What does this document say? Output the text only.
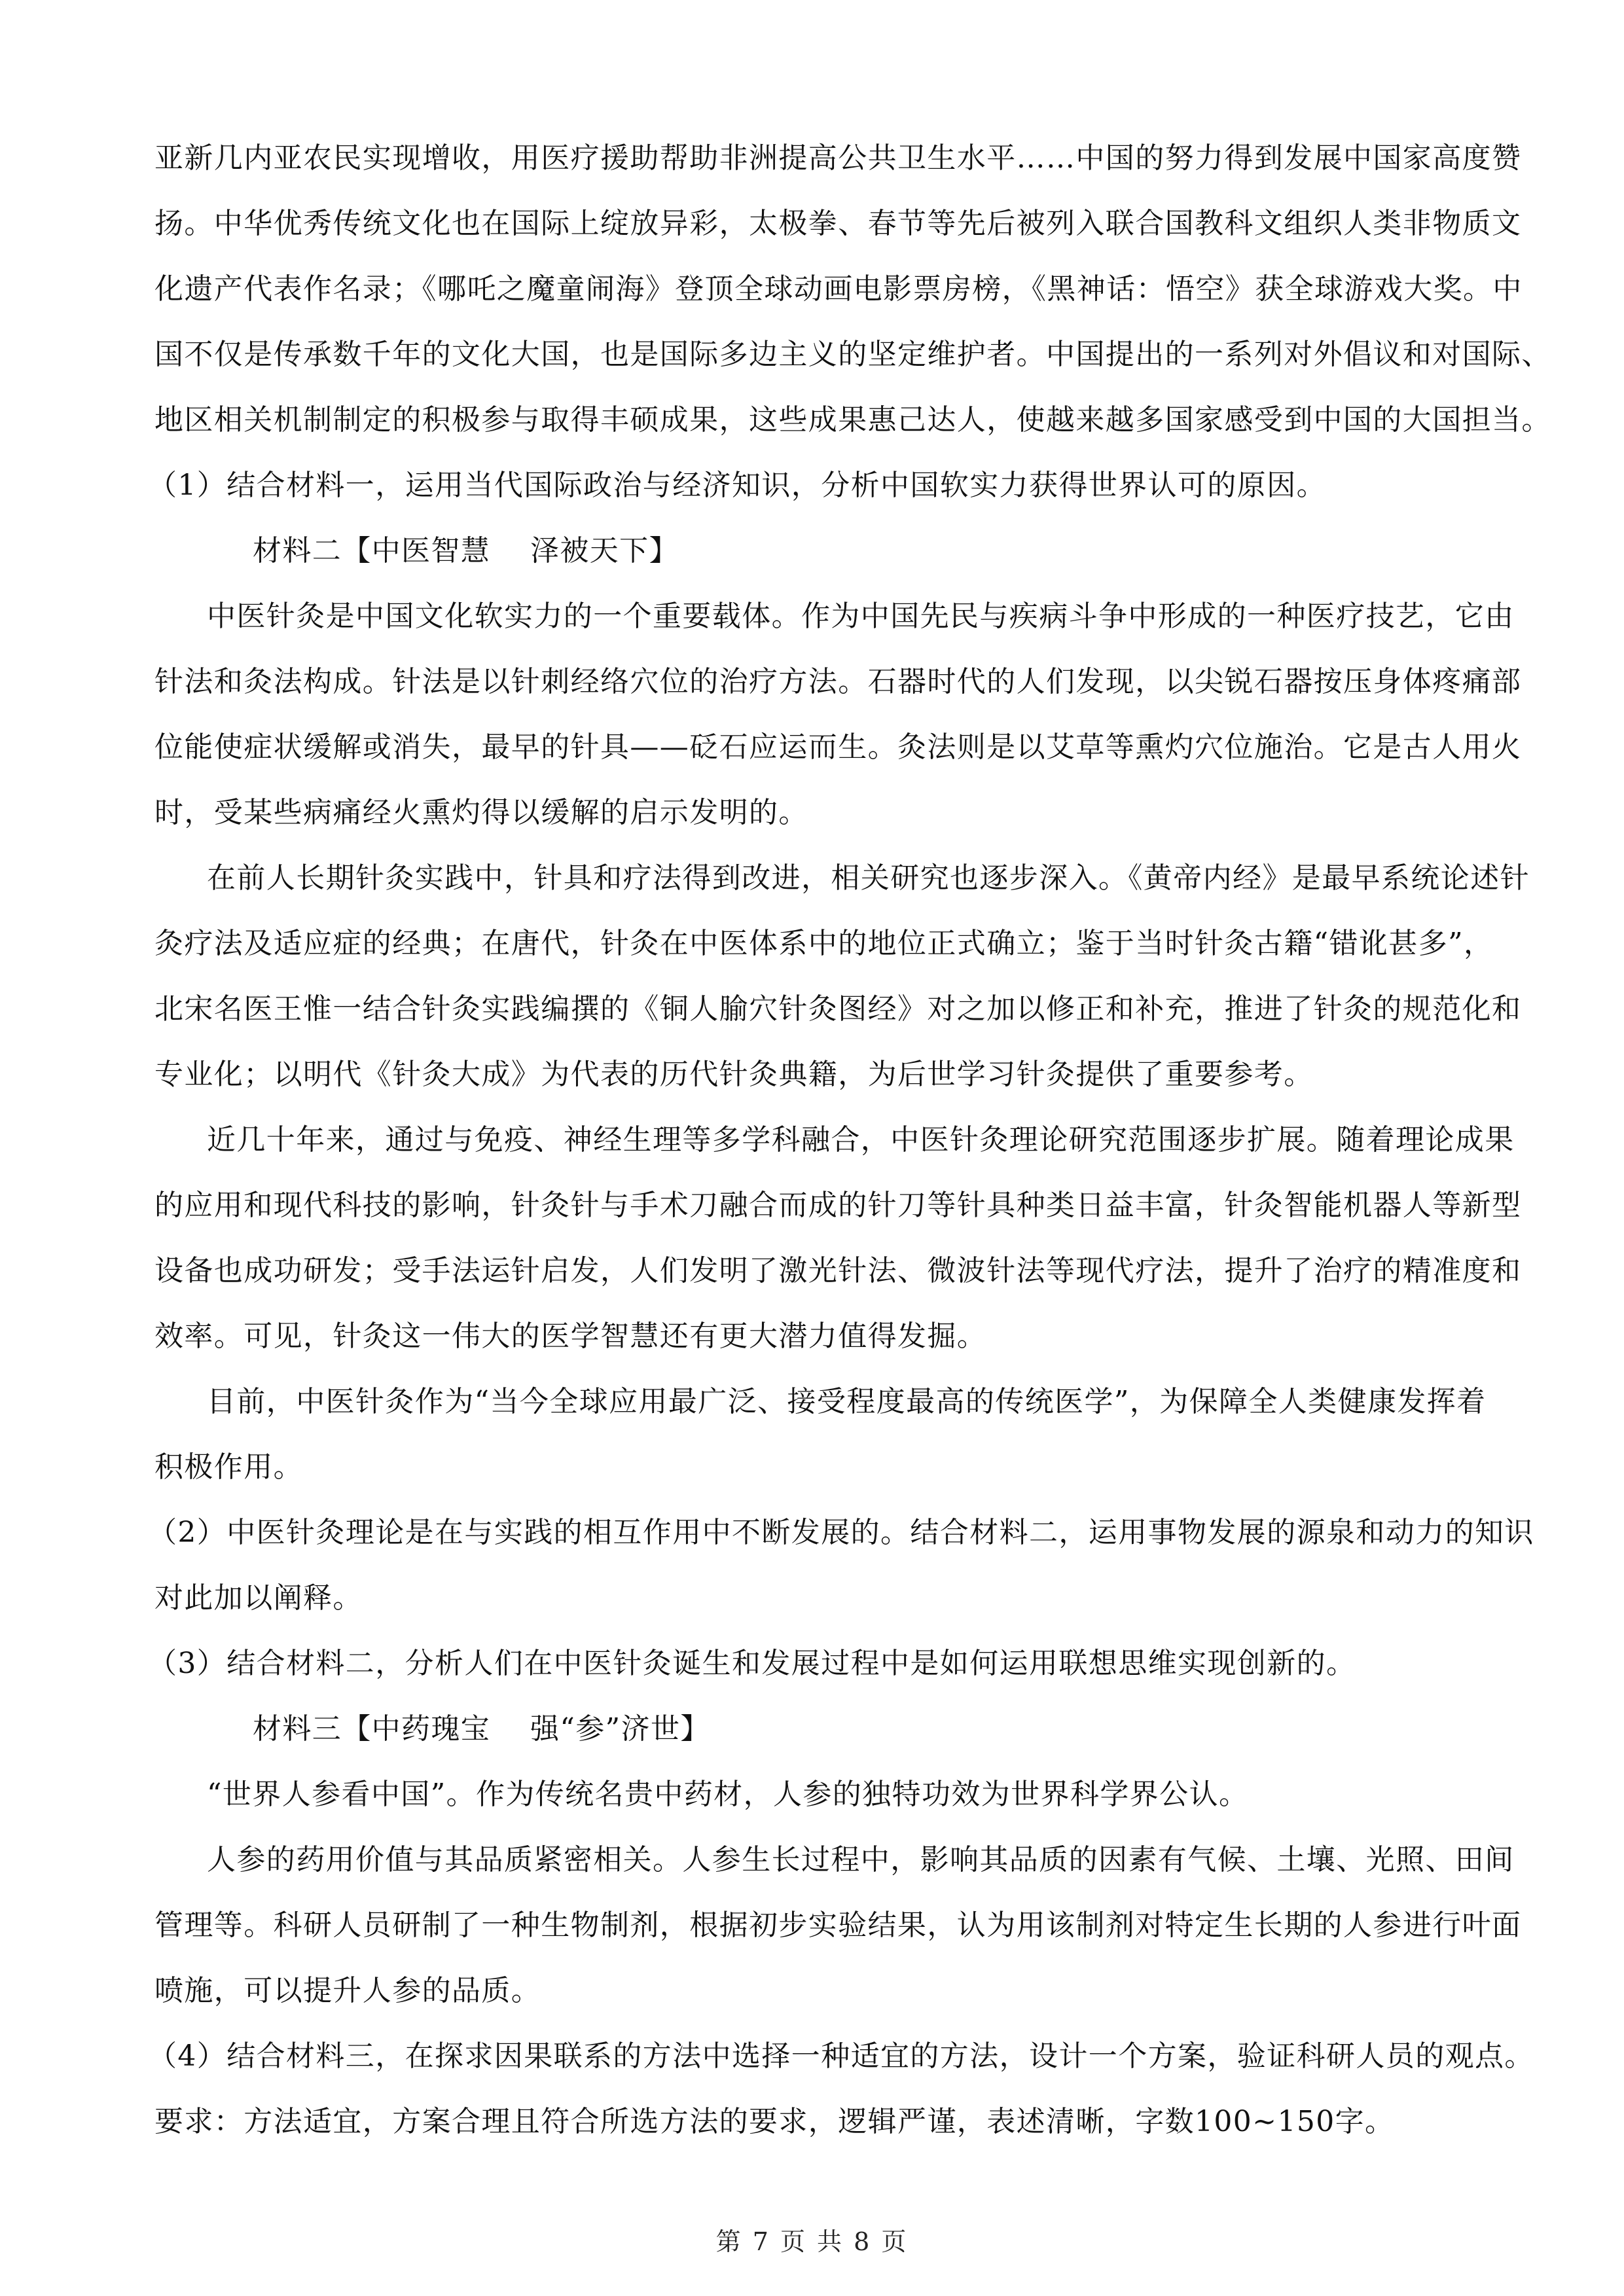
亚新几内亚农民实现增收，用医疗援助帮助非洲提高公共卫生水平……中国的努力得到发展中国家高度赞
扬。中华优秀传统文化也在国际上绽放异彩，太极拳、春节等先后被列入联合国教科文组织人类非物质文
化遗产代表作名录；《哪吒之魔童闹海》登顶全球动画电影票房榜，《黑神话：悟空》获全球游戏大奖。中
国不仅是传承数千年的文化大国，也是国际多边主义的坚定维护者。中国提出的一系列对外倡议和对国际、
地区相关机制制定的积极参与取得丰硕成果，这些成果惠己达人，使越来越多国家感受到中国的大国担当。
（1）结合材料一，运用当代国际政治与经济知识，分析中国软实力获得世界认可的原因。
材料二【中医智慧　 泽被天下】
中医针灸是中国文化软实力的一个重要载体。作为中国先民与疾病斗争中形成的一种医疗技艺，它由
针法和灸法构成。针法是以针刺经络穴位的治疗方法。石器时代的人们发现，以尖锐石器按压身体疼痛部
位能使症状缓解或消失，最早的针具——砭石应运而生。灸法则是以艾草等熏灼穴位施治。它是古人用火
时，受某些病痛经火熏灼得以缓解的启示发明的。
在前人长期针灸实践中，针具和疗法得到改进，相关研究也逐步深入。《黄帝内经》是最早系统论述针
灸疗法及适应症的经典；在唐代，针灸在中医体系中的地位正式确立；鉴于当时针灸古籍“错讹甚多”，
北宋名医王惟一结合针灸实践编撰的《铜人腧穴针灸图经》对之加以修正和补充，推进了针灸的规范化和
专业化；以明代《针灸大成》为代表的历代针灸典籍，为后世学习针灸提供了重要参考。
近几十年来，通过与免疫、神经生理等多学科融合，中医针灸理论研究范围逐步扩展。随着理论成果
的应用和现代科技的影响，针灸针与手术刀融合而成的针刀等针具种类日益丰富，针灸智能机器人等新型
设备也成功研发；受手法运针启发，人们发明了激光针法、微波针法等现代疗法，提升了治疗的精准度和
效率。可见，针灸这一伟大的医学智慧还有更大潜力值得发掘。
目前，中医针灸作为“当今全球应用最广泛、接受程度最高的传统医学”，为保障全人类健康发挥着
积极作用。
（2）中医针灸理论是在与实践的相互作用中不断发展的。结合材料二，运用事物发展的源泉和动力的知识
对此加以阐释。
（3）结合材料二，分析人们在中医针灸诞生和发展过程中是如何运用联想思维实现创新的。
材料三【中药瑰宝　 强“参”济世】
“世界人参看中国”。作为传统名贵中药材，人参的独特功效为世界科学界公认。
人参的药用价值与其品质紧密相关。人参生长过程中，影响其品质的因素有气候、土壤、光照、田间
管理等。科研人员研制了一种生物制剂，根据初步实验结果，认为用该制剂对特定生长期的人参进行叶面
喷施，可以提升人参的品质。
（4）结合材料三，在探求因果联系的方法中选择一种适宜的方法，设计一个方案，验证科研人员的观点。
要求：方法适宜，方案合理且符合所选方法的要求，逻辑严谨，表述清晰，字数100~150字。
第 7 页 共 8 页
